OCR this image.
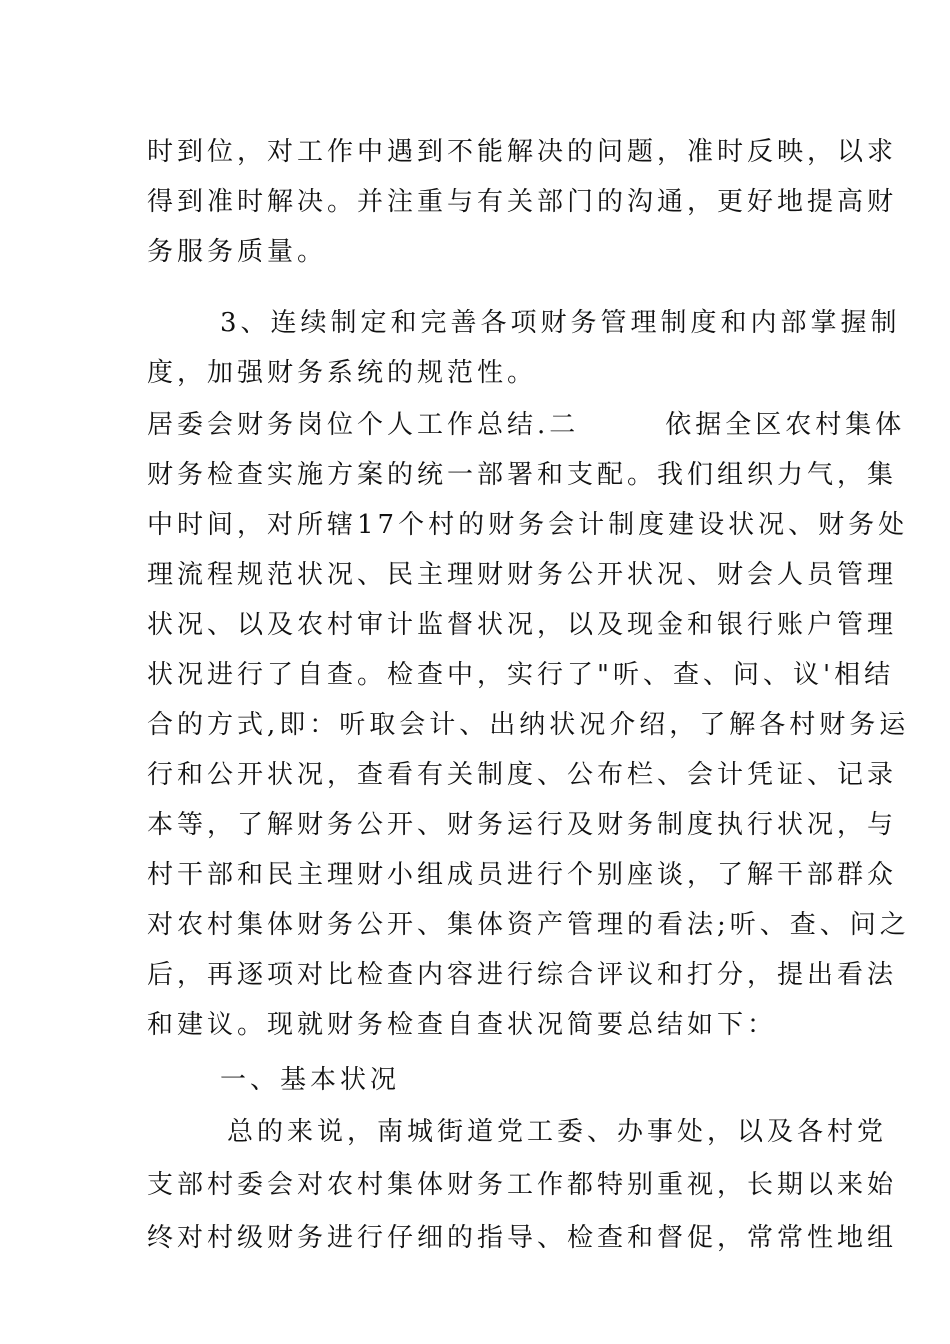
时到位，对工作中遇到不能解决的问题，准时反映，以求
得到准时解决。并注重与有关部门的沟通，更好地提高财
务服务质量。
3、连续制定和完善各项财务管理制度和内部掌握制
度，加强财务系统的规范性。
居委会财务岗位个人工作总结.二	依据全区农村集体
财务检查实施方案的统一部署和支配。我们组织力气，集
中时间，对所辖17个村的财务会计制度建设状况、财务处
理流程规范状况、民主理财财务公开状况、财会人员管理
状况、以及农村审计监督状况，以及现金和银行账户管理
状况进行了自查。检查中，实行了"听、查、问、议'相结
合的方式,即：听取会计、出纳状况介绍，了解各村财务运
行和公开状况，查看有关制度、公布栏、会计凭证、记录
本等，了解财务公开、财务运行及财务制度执行状况，与
村干部和民主理财小组成员进行个别座谈，了解干部群众
对农村集体财务公开、集体资产管理的看法;听、查、问之
后，再逐项对比检查内容进行综合评议和打分，提出看法
和建议。现就财务检查自查状况简要总结如下：
一、基本状况
总的来说，南城街道党工委、办事处，以及各村党
支部村委会对农村集体财务工作都特别重视，长期以来始
终对村级财务进行仔细的指导、检查和督促，常常性地组
